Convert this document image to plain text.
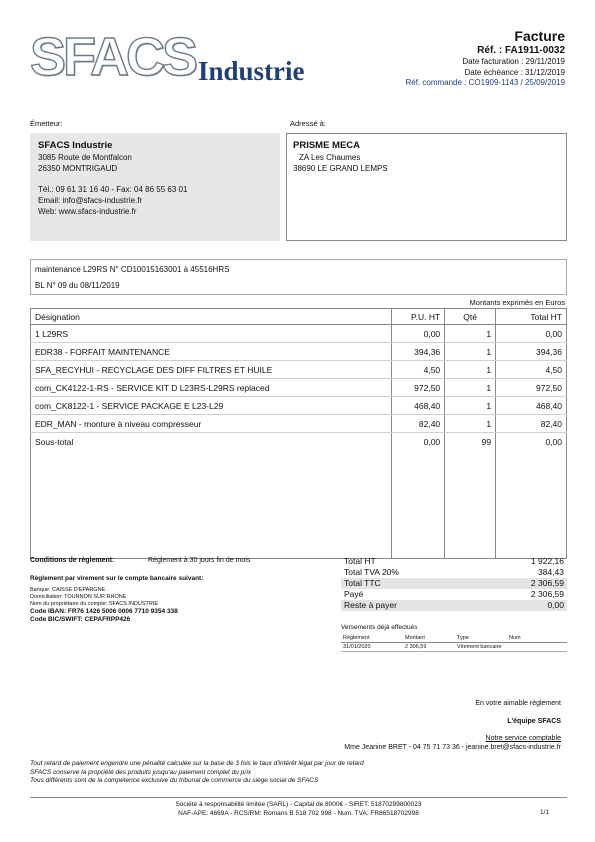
SFACS Industrie
Facture
Réf. : FA1911-0032
Date facturation : 29/11/2019
Date échéance : 31/12/2019
Réf. commande : CO1909-1143 / 25/09/2019
Émetteur:	Adressé à:
SFACS Industrie
3085 Route de Montfalcon
26350 MONTRIGAUD
Tél.: 09 61 31 16 40 - Fax: 04 86 55 63 01
Email: info@sfacs-industrie.fr
Web: www.sfacs-industrie.fr
PRISME MECA
ZA Les Chaumes
38690 LE GRAND LEMPS
maintenance L29RS N° CD10015163001 à 45516HRS
BL N° 09 du 08/11/2019
Montants exprimés en Euros
Désignation	P.U. HT	Qté	Total HT
1 L29RS	0,00	1	0,00
EDR38 - FORFAIT MAINTENANCE	394,36	1	394,36
SFA_RECYHUI - RECYCLAGE DES DIFF FILTRES ET HUILE	4,50	1	4,50
com_CK4122-1-RS - SERVICE KIT D L23RS-L29RS replaced	972,50	1	972,50
com_CK8122-1 - SERVICE PACKAGE E L23-L29	468,40	1	468,40
EDR_MAN - monture à niveau compresseur	82,40	1	82,40
Sous-total	0,00	99	0,00

Conditions de règlement:	Règlement à 30 jours fin de mois
Règlement par virement sur le compte bancaire suivant:
Banque: CAISSE D'EPARGNE
Domiciliation: TOURNON SUR RHONE
Nom du propriétaire du compte: SFACS INDUSTRIE
Code IBAN: FR76 1426 5006 0006 7710 9354 338
Code BIC/SWIFT: CEPAFRPP426
Total HT	1 922,16
Total TVA 20%	384,43
Total TTC	2 306,59
Payé	2 306,59
Reste à payer	0,00
Versements déjà effectués
Règlement	Montant	Type	Num
31/01/2020	2 306,59	Virement bancaire	
En votre aimable règlement
L'équipe SFACS
Notre service comptable
Mme Jeanine BRET - 04 75 71 73 36 - jeanine.bret@sfacs-industrie.fr
Tout retard de paiement engendre une pénalité calculée sur la base de 3 fois le taux d'intérêt légal par jour de retard
SFACS conserve la propriété des produits jusqu'au paiement complet du prix
Tous différents sont de la compétence exclusive du tribunal de commerce du siège social de SFACS
Société à responsabilité limitée (SARL) - Capital de 8000€ - SIRET: 51870299800023
NAF-APE: 4669A - RCS/RM: Romans B 518 702 998 - Num. TVA: FR86518702998	1/1
